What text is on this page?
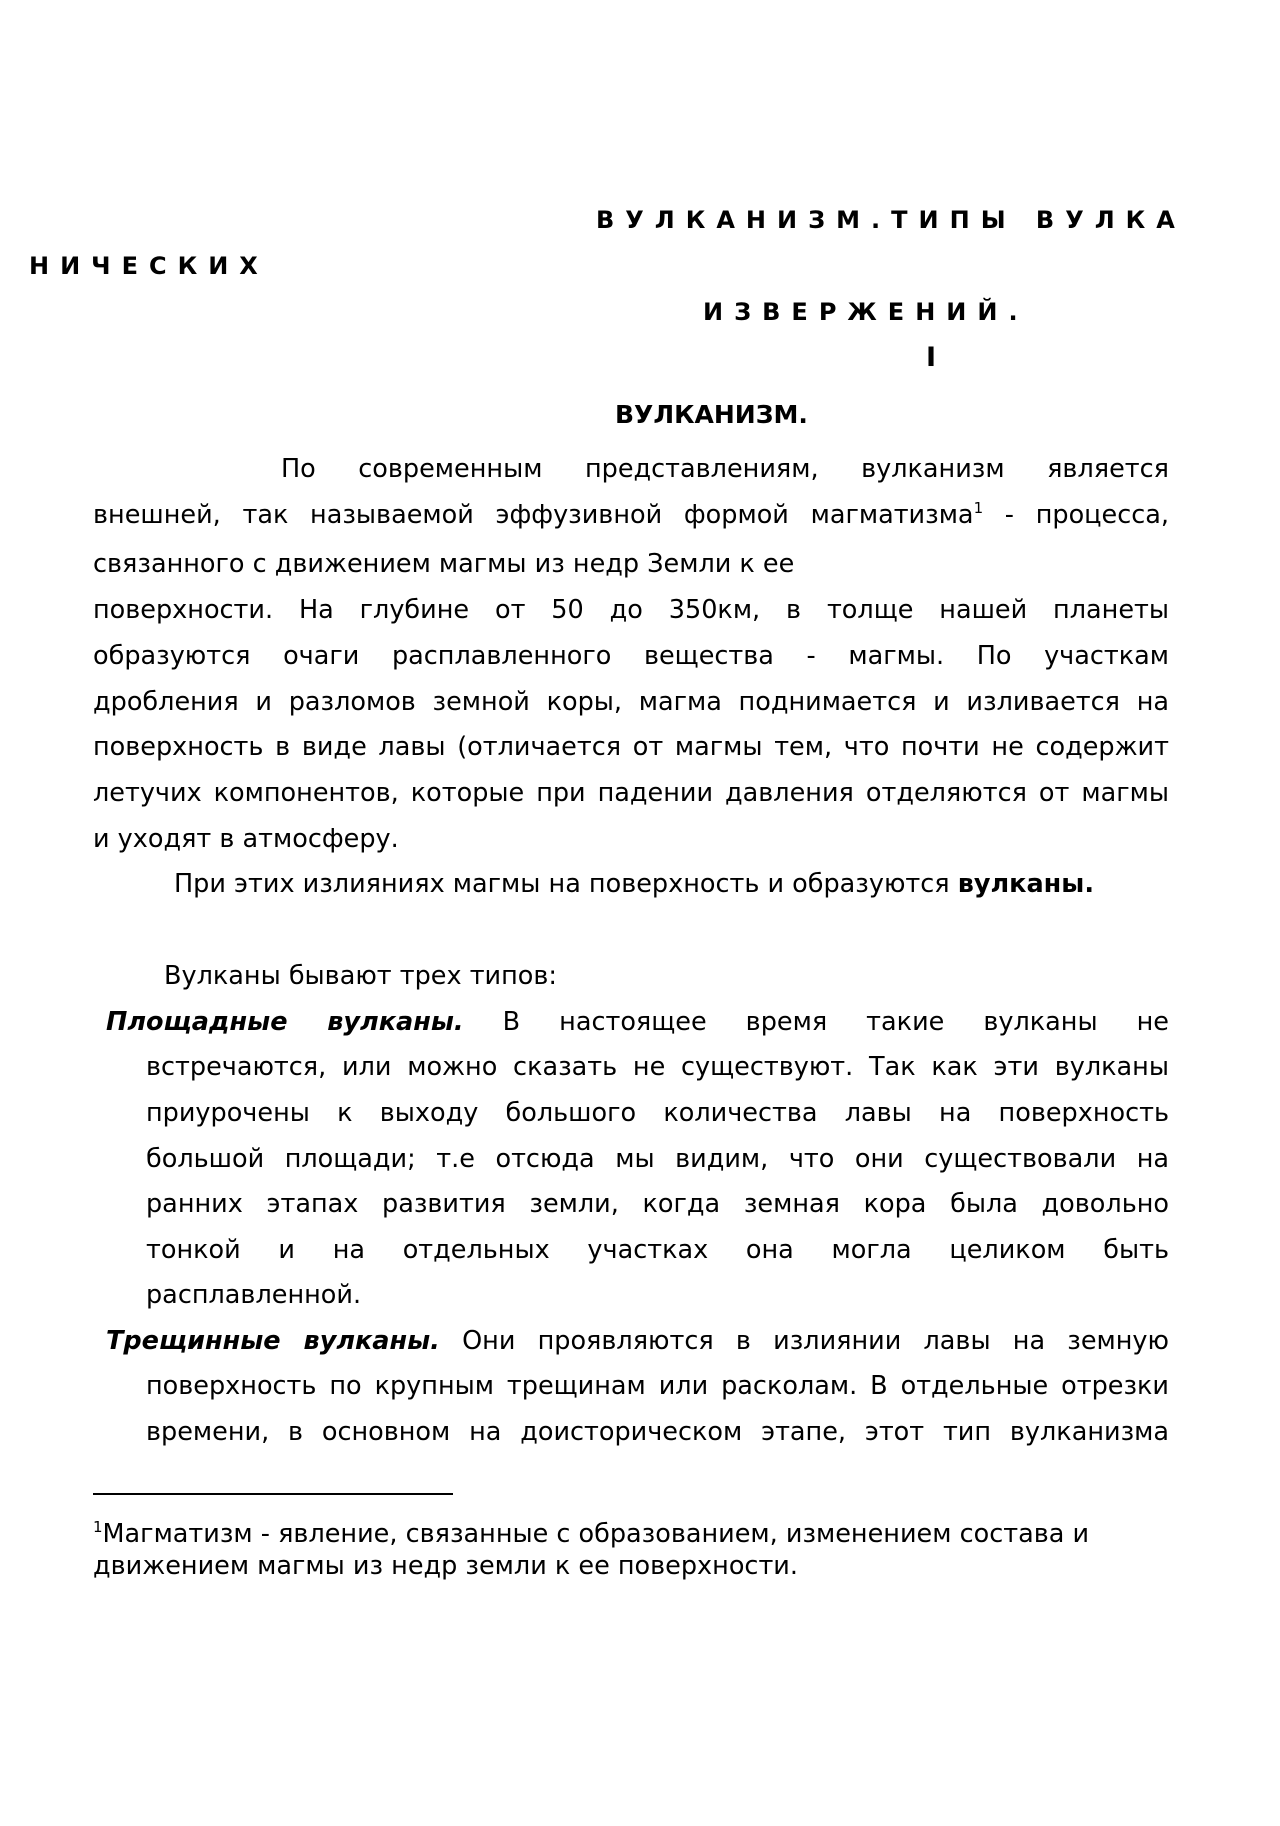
ВУЛКАНИЗМ.ТИПЫ ВУЛКА

НИЧЕСКИХ

ИЗВЕРЖЕНИЙ.

I

ВУЛКАНИЗМ.

По современным представлениям, вулканизм является

внешней, так называемой эффузивной формой магматизма$^1$ - процесса,

связанного с движением магмы из недр Земли к ее

поверхности. На глубине от 50 до 350км, в толще нашей планеты

образуются очаги расплавленного вещества - магмы. По участкам

дробления и разломов земной коры, магма поднимается и изливается на

поверхность в виде лавы (отличается от магмы тем, что почти не содержит

летучих компонентов, которые при падении давления отделяются от магмы

и уходят в атмосферу.

При этих излияниях магмы на поверхность и образуются вулканы.

Вулканы бывают трех типов:

Площадные вулканы. В настоящее время такие вулканы не

встречаются, или можно сказать не существуют. Так как эти вулканы

приурочены к выходу большого количества лавы на поверхность

большой площади; т.е отсюда мы видим, что они существовали на

ранних этапах развития земли, когда земная кора была довольно

тонкой и на отдельных участках она могла целиком быть

расплавленной.

Трещинные вулканы. Они проявляются в излиянии лавы на земную

поверхность по крупным трещинам или расколам. В отдельные отрезки

времени, в основном на доисторическом этапе, этот тип вулканизма

$^1$Магматизм - явление, связанные с образованием, изменением состава и движением магмы из недр земли к ее поверхности.
